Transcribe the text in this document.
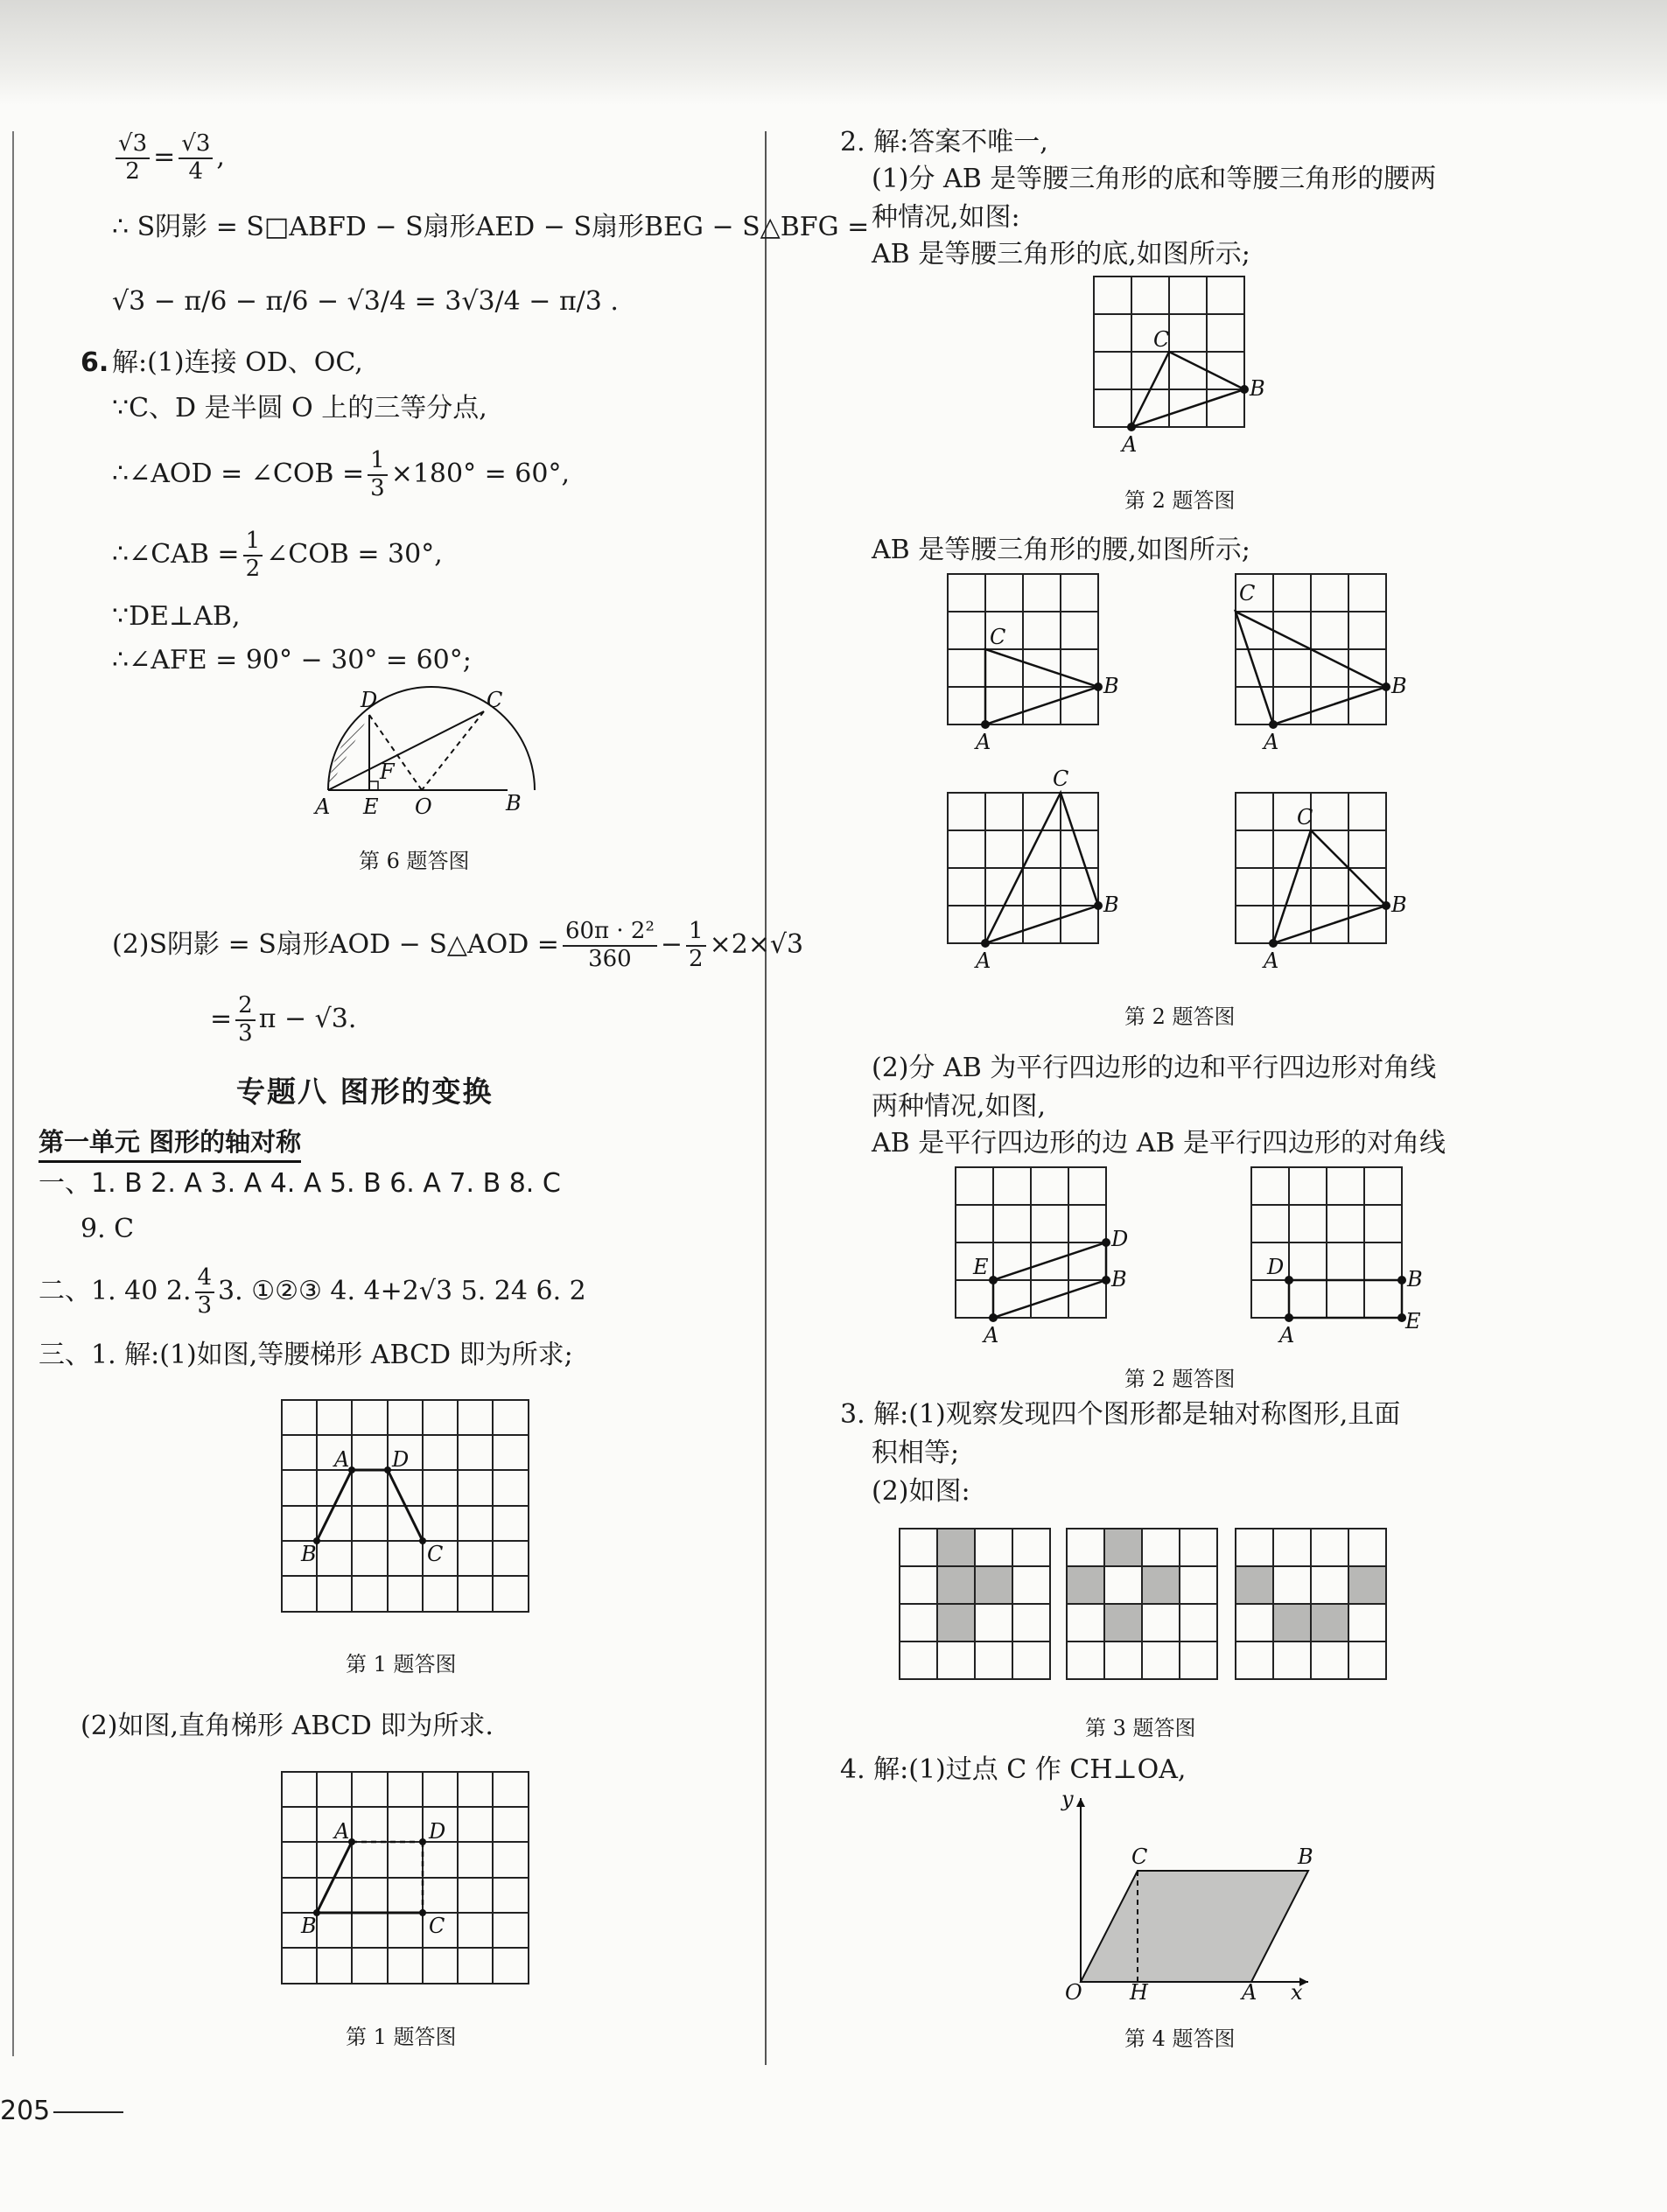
$\frac{√3}{2} = \frac{√3}{4}$ ,
∴ S阴影 = S□ABFD − S扇形AED − S扇形BEG − S△BFG =
√3 − π/6 − π/6 − √3/4 = 3√3/4 − π/3 .
6. 解:(1)连接 OD、OC,
∵C、D 是半圆 O 上的三等分点,
∴∠AOD = ∠COB = $\frac{1}{3} \times 180^\circ = 60^\circ$,
∴∠CAB = $\frac{1}{2}$ ∠COB = 30°,
∵DE⊥AB,
∴∠AFE = 90° − 30° = 60°;
A E O	B
D	C
F
第 6 题答图
(2)S阴影 = S扇形AOD − S△AOD = $\frac{\text{60π · 2²}}{360} - \frac{1}{2} \times 2\times√3$
= $\frac{2}{3}$ π − √3.
专题八 图形的变换
第一单元 图形的轴对称
一、1. B 2. A 3. A 4. A 5. B 6. A 7. B 8. C
9. C
二、1. 40 2. $\frac{4}{3} 3$. ①②③ 4. 4+2√3 5. 24 6. 2
三、1. 解:(1)如图,等腰梯形 ABCD 即为所求;
A D
B	C
第 1 题答图
(2)如图,直角梯形 ABCD 即为所求.
A	D
B	C
第 1 题答图
205
2. 解:答案不唯一,
(1)分 AB 是等腰三角形的底和等腰三角形的腰两
种情况,如图:
AB 是等腰三角形的底,如图所示;
A
B
C
第 2 题答图
AB 是等腰三角形的腰,如图所示;
A
B
C
A
B
C
A
B
C
A
B
C
第 2 题答图
(2)分 AB 为平行四边形的边和平行四边形对角线
两种情况,如图,
AB 是平行四边形的边 AB 是平行四边形的对角线
A
B
D
E
A
B
D
E
第 2 题答图
3. 解:(1)观察发现四个图形都是轴对称图形,且面
积相等;
(2)如图:
第 3 题答图
4. 解:(1)过点 C 作 CH⊥OA,
O H	A x
y
C	B
第 4 题答图
